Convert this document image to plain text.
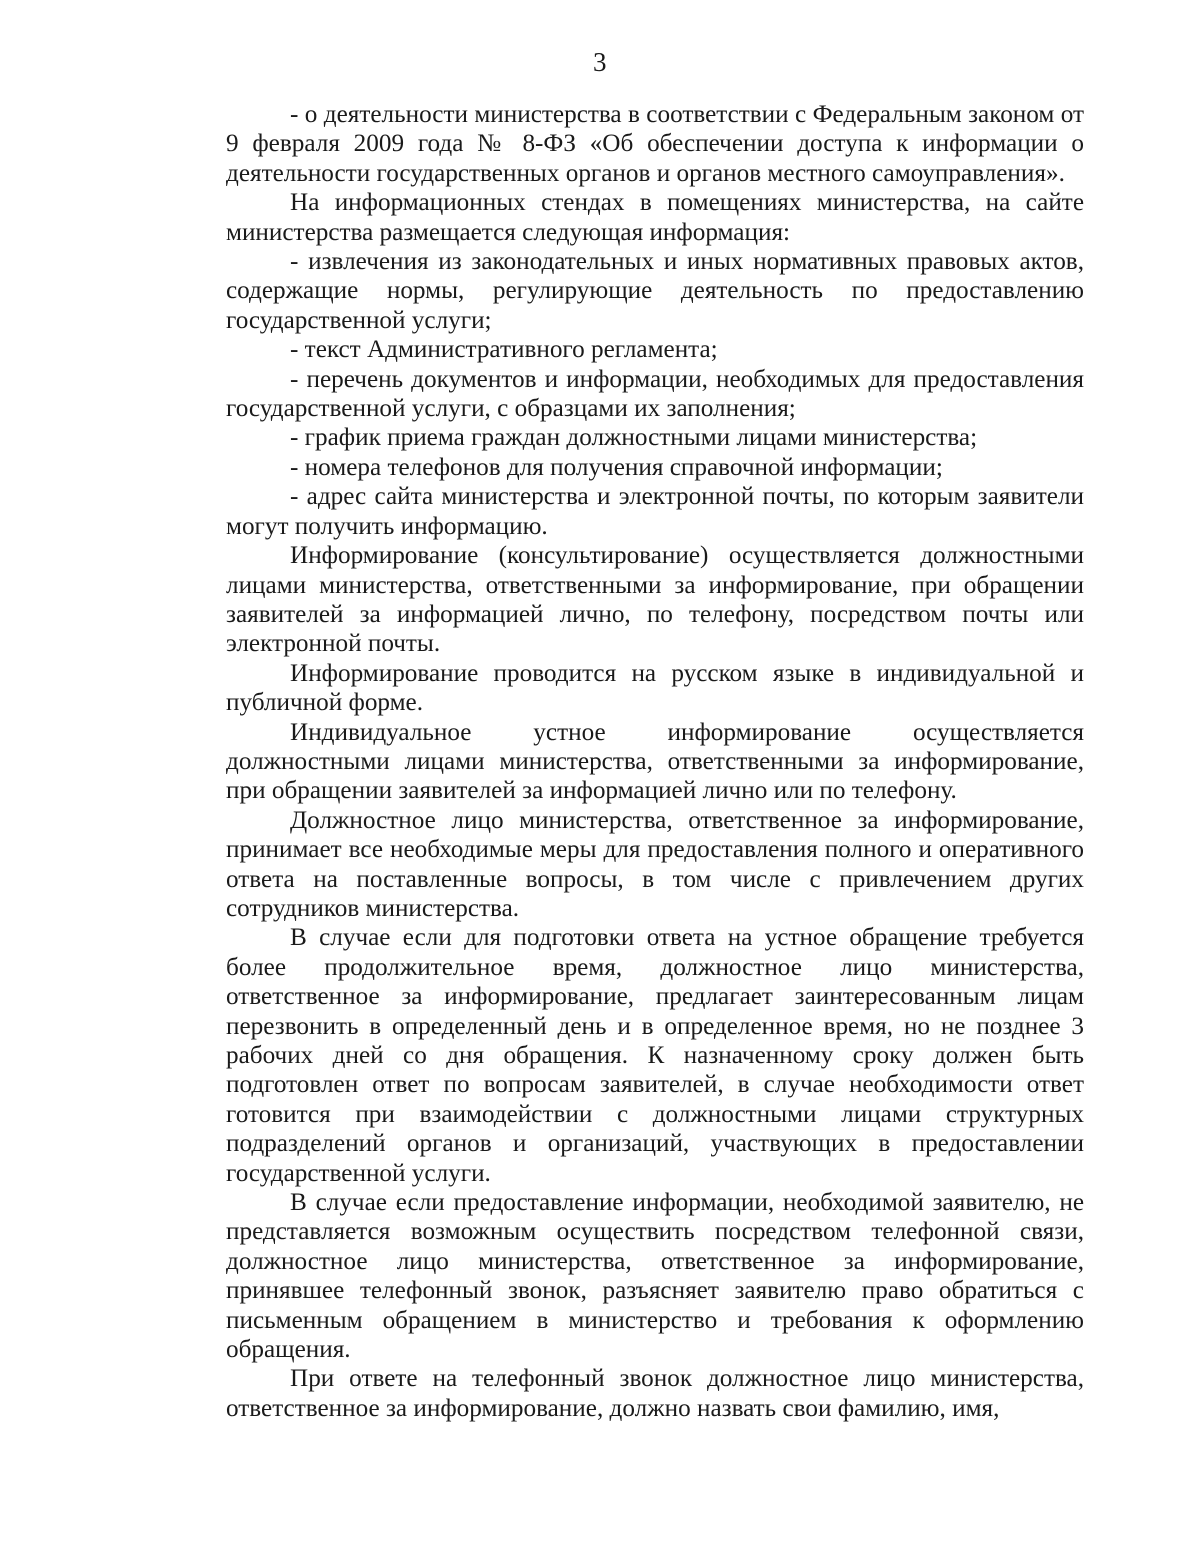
3

- о деятельности министерства в соответствии с Федеральным законом от 9 февраля 2009 года № 8-ФЗ «Об обеспечении доступа к информации о деятельности государственных органов и органов местного самоуправления».

На информационных стендах в помещениях министерства, на сайте министерства размещается следующая информация:

- извлечения из законодательных и иных нормативных правовых актов, содержащие нормы, регулирующие деятельность по предоставлению государственной услуги;

- текст Административного регламента;

- перечень документов и информации, необходимых для предоставления государственной услуги, с образцами их заполнения;

- график приема граждан должностными лицами министерства;

- номера телефонов для получения справочной информации;

- адрес сайта министерства и электронной почты, по которым заявители могут получить информацию.

Информирование (консультирование) осуществляется должностными лицами министерства, ответственными за информирование, при обращении заявителей за информацией лично, по телефону, посредством почты или электронной почты.

Информирование проводится на русском языке в индивидуальной и публичной форме.

Индивидуальное устное информирование осуществляется должностными лицами министерства, ответственными за информирование, при обращении заявителей за информацией лично или по телефону.

Должностное лицо министерства, ответственное за информирование, принимает все необходимые меры для предоставления полного и оперативного ответа на поставленные вопросы, в том числе с привлечением других сотрудников министерства.

В случае если для подготовки ответа на устное обращение требуется более продолжительное время, должностное лицо министерства, ответственное за информирование, предлагает заинтересованным лицам перезвонить в определенный день и в определенное время, но не позднее 3 рабочих дней со дня обращения. К назначенному сроку должен быть подготовлен ответ по вопросам заявителей, в случае необходимости ответ готовится при взаимодействии с должностными лицами структурных подразделений органов и организаций, участвующих в предоставлении государственной услуги.

В случае если предоставление информации, необходимой заявителю, не представляется возможным осуществить посредством телефонной связи, должностное лицо министерства, ответственное за информирование, принявшее телефонный звонок, разъясняет заявителю право обратиться с письменным обращением в министерство и требования к оформлению обращения.

При ответе на телефонный звонок должностное лицо министерства, ответственное за информирование, должно назвать свои фамилию, имя,
